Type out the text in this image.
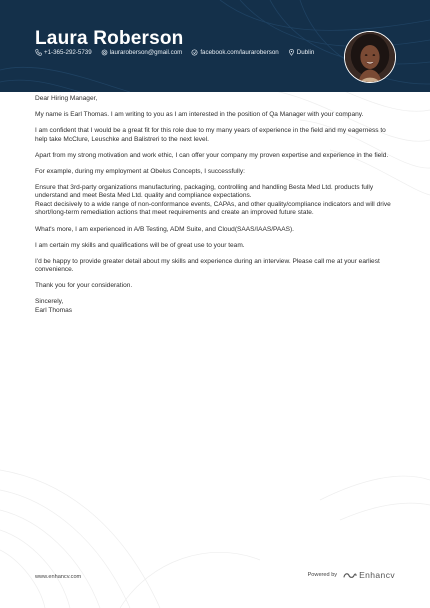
Laura Roberson
+1-365-292-5739	lauraroberson@gmail.com	facebook.com/lauraroberson	Dublin

Dear Hiring Manager,

My name is Earl Thomas. I am writing to you as I am interested in the position of Qa Manager with your company.

I am confident that I would be a great fit for this role due to my many years of experience in the field and my eagerness to help take McClure, Leuschke and Balistreri to the next level.

Apart from my strong motivation and work ethic, I can offer your company my proven expertise and experience in the field.

For example, during my employment at Obelus Concepts, I successfully:

Ensure that 3rd-party organizations manufacturing, packaging, controlling and handling Besta Med Ltd. products fully understand and meet Besta Med Ltd. quality and compliance expectations.

React decisively to a wide range of non-conformance events, CAPAs, and other quality/compliance indicators and will drive short/long-term remediation actions that meet requirements and create an improved future state.

What's more, I am experienced in A/B Testing, ADM Suite, and Cloud(SAAS/IAAS/PAAS).

I am certain my skills and qualifications will be of great use to your team.

I'd be happy to provide greater detail about my skills and experience during an interview. Please call me at your earliest convenience.

Thank you for your consideration.

Sincerely,

Earl Thomas

www.enhancv.com	Powered by	Enhancv
